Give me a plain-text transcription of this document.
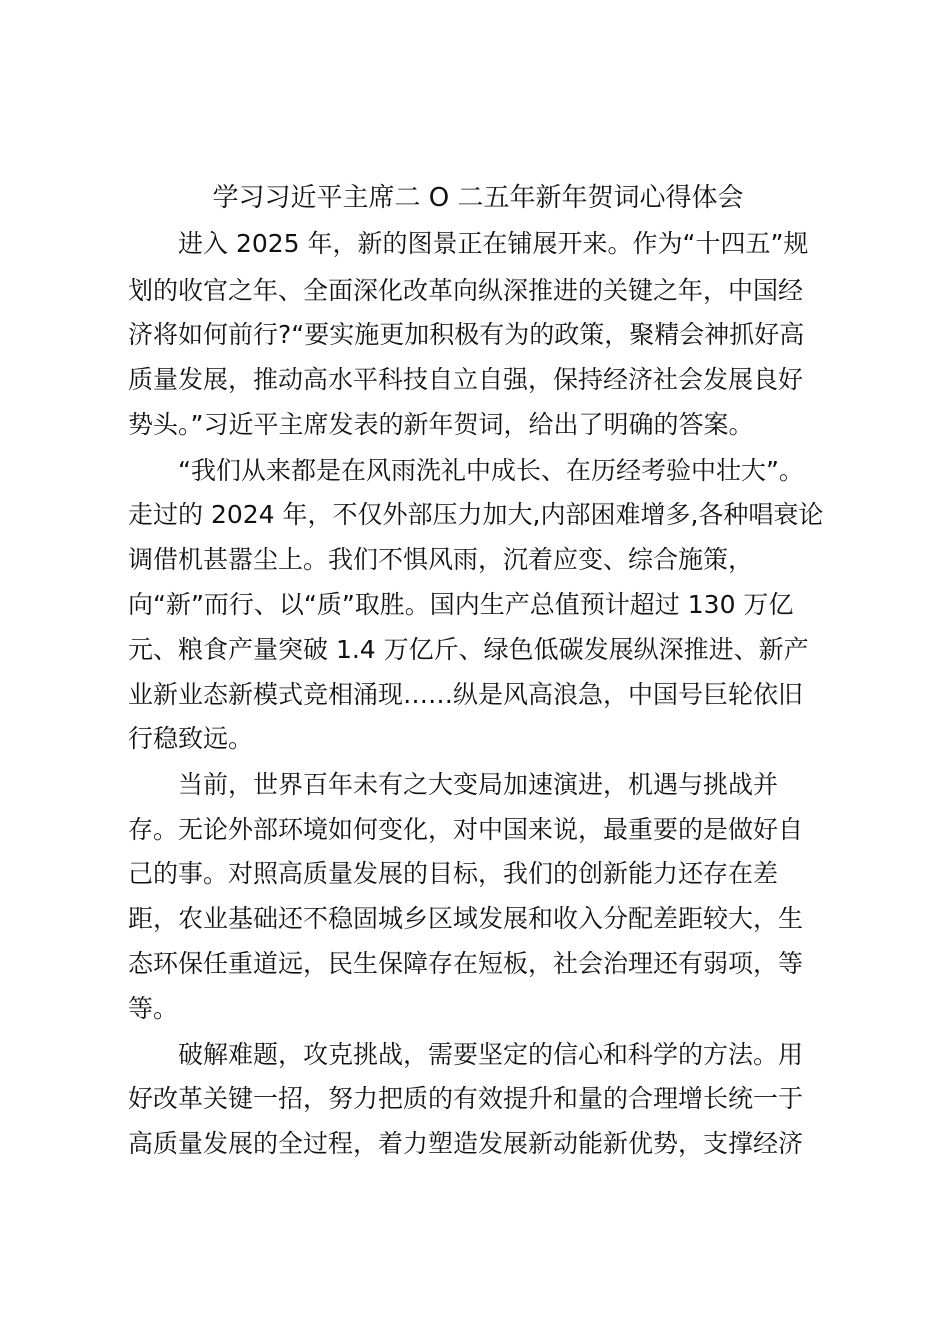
学习习近平主席二 O 二五年新年贺词心得体会

进入 2025 年，新的图景正在铺展开来。作为“十四五”规

划的收官之年、全面深化改革向纵深推进的关键之年，中国经

济将如何前行?“要实施更加积极有为的政策，聚精会神抓好高

质量发展，推动高水平科技自立自强，保持经济社会发展良好

势头。”习近平主席发表的新年贺词，给出了明确的答案。

“我们从来都是在风雨洗礼中成长、在历经考验中壮大”。

走过的 2024 年，不仅外部压力加大,内部困难增多,各种唱衰论

调借机甚嚣尘上。我们不惧风雨，沉着应变、综合施策，

向“新”而行、以“质”取胜。国内生产总值预计超过 130 万亿

元、粮食产量突破 1.4 万亿斤、绿色低碳发展纵深推进、新产

业新业态新模式竞相涌现……纵是风高浪急，中国号巨轮依旧

行稳致远。

当前，世界百年未有之大变局加速演进，机遇与挑战并

存。无论外部环境如何变化，对中国来说，最重要的是做好自

己的事。对照高质量发展的目标，我们的创新能力还存在差

距，农业基础还不稳固城乡区域发展和收入分配差距较大，生

态环保任重道远，民生保障存在短板，社会治理还有弱项，等

等。

破解难题，攻克挑战，需要坚定的信心和科学的方法。用

好改革关键一招，努力把质的有效提升和量的合理增长统一于

高质量发展的全过程，着力塑造发展新动能新优势，支撑经济
